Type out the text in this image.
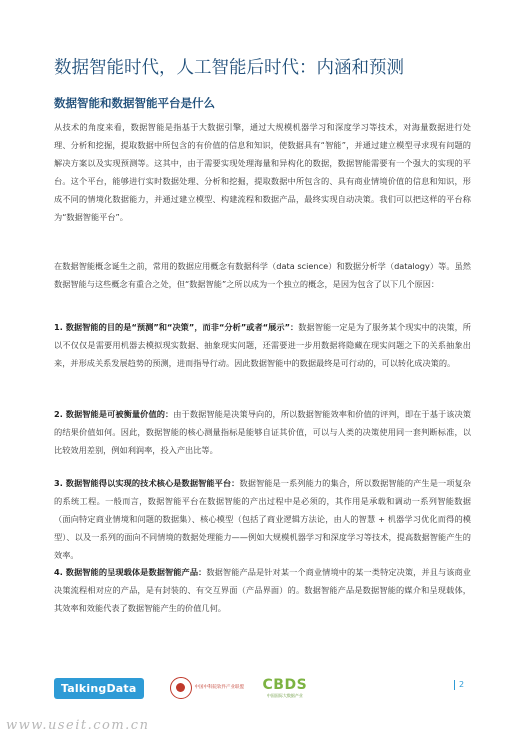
数据智能时代，人工智能后时代：内涵和预测
数据智能和数据智能平台是什么

从技术的角度来看，数据智能是指基于大数据引擎，通过大规模机器学习和深度学习等技术，对海量数据进行处理、分析和挖掘，提取数据中所包含的有价值的信息和知识，使数据具有“智能”，并通过建立模型寻求现有问题的解决方案以及实现预测等。这其中，由于需要实现处理海量和异构化的数据，数据智能需要有一个强大的实现的平台。这个平台，能够进行实时数据处理、分析和挖掘，提取数据中所包含的、具有商业情境价值的信息和知识，形成不同的情境化数据能力，并通过建立模型、构建流程和数据产品，最终实现自动决策。我们可以把这样的平台称为“数据智能平台”。

在数据智能概念诞生之前，常用的数据应用概念有数据科学（data science）和数据分析学（datalogy）等。虽然数据智能与这些概念有重合之处，但“数据智能”之所以成为一个独立的概念，是因为包含了以下几个原因：

1. 数据智能的目的是“预测”和“决策”，而非“分析”或者“展示”：数据智能一定是为了服务某个现实中的决策，所以不仅仅是需要用机器去模拟现实数据、抽象现实问题，还需要进一步用数据将隐藏在现实问题之下的关系抽象出来，并形成关系发展趋势的预测，进而指导行动。因此数据智能中的数据最终是可行动的，可以转化成决策的。

2. 数据智能是可被衡量价值的：由于数据智能是决策导向的，所以数据智能效率和价值的评判，即在于基于该决策的结果价值如何。因此，数据智能的核心测量指标是能够自证其价值，可以与人类的决策使用同一套判断标准，以比较效用差别，例如利润率，投入产出比等。

3. 数据智能得以实现的技术核心是数据智能平台：数据智能是一系列能力的集合，所以数据智能的产生是一项复杂的系统工程。一般而言，数据智能平台在数据智能的产出过程中是必须的，其作用是承载和调动一系列智能数据（面向特定商业情境和问题的数据集）、核心模型（包括了商业逻辑方法论，由人的智慧 + 机器学习优化而得的模型）、以及一系列的面向不同情境的数据处理能力——例如大规模机器学习和深度学习等技术，提高数据智能产生的效率。

4. 数据智能的呈现载体是数据智能产品：数据智能产品是针对某一个商业情境中的某一类特定决策，并且与该商业决策流程相对应的产品，是有封装的、有交互界面（产品界面）的。数据智能产品是数据智能的媒介和呈现载体，其效率和效能代表了数据智能产生的价值几何。

TalkingData	中国中科院软件产业联盟	CBDS
中国国际大数据产业
2
www.useit.com.cn
